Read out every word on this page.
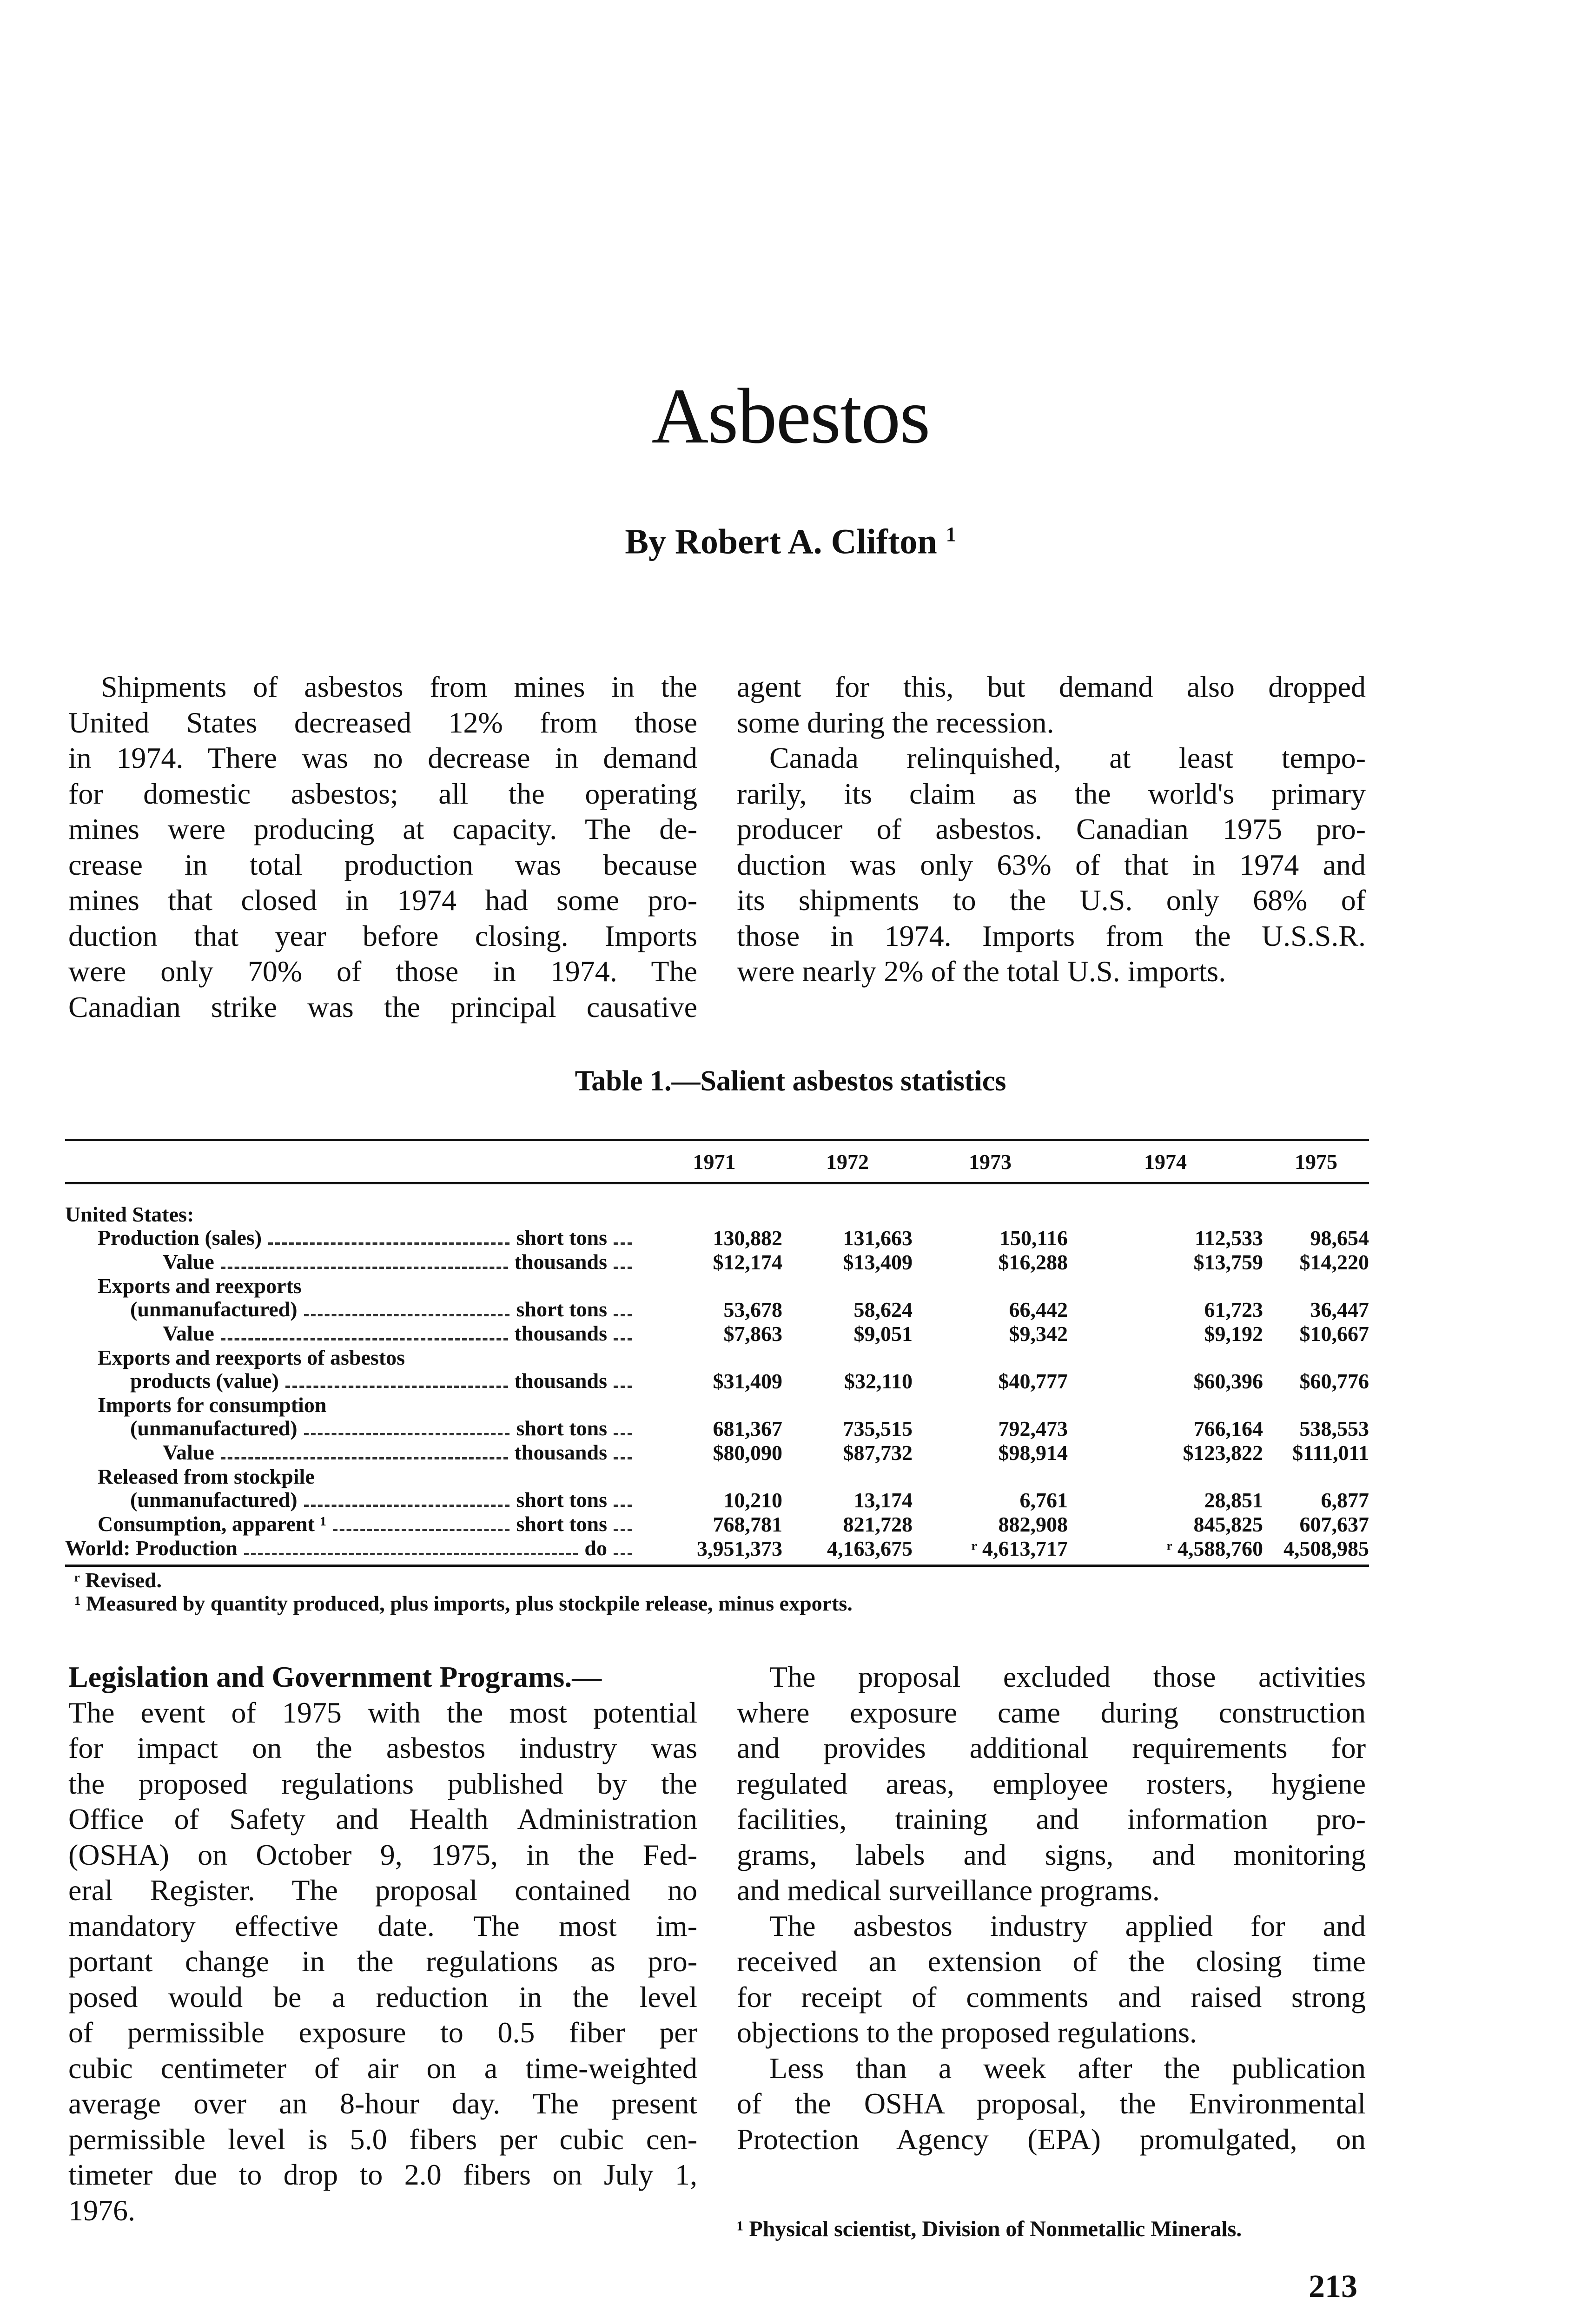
Asbestos
By Robert A. Clifton $^1$
Shipments of asbestos from mines in the
United States decreased 12% from those
in 1974. There was no decrease in demand
for domestic asbestos; all the operating
mines were producing at capacity. The de-
crease in total production was because
mines that closed in 1974 had some pro-
duction that year before closing. Imports
were only 70% of those in 1974. The
Canadian strike was the principal causative
agent for this, but demand also dropped
some during the recession.
Canada relinquished, at least tempo-
rarily, its claim as the world's primary
producer of asbestos. Canadian 1975 pro-
duction was only 63% of that in 1974 and
its shipments to the U.S. only 68% of
those in 1974. Imports from the U.S.S.R.
were nearly 2% of the total U.S. imports.
Table 1.—Salient asbestos statistics
	1971	1972	1973	1974	1975

United States:					

Production (sales) short tons	130,882	131,663	150,116	112,533	98,654

Value thousands	$12,174	$13,409	$16,288	$13,759	$14,220

Exports and reexports					

(unmanufactured) short tons	53,678	58,624	66,442	61,723	36,447

Value thousands	$7,863	$9,051	$9,342	$9,192	$10,667

Exports and reexports of asbestos					

products (value) thousands	$31,409	$32,110	$40,777	$60,396	$60,776

Imports for consumption					

(unmanufactured) short tons	681,367	735,515	792,473	766,164	538,553

Value thousands	$80,090	$87,732	$98,914	$123,822	$111,011

Released from stockpile					

(unmanufactured) short tons	10,210	13,174	6,761	28,851	6,877

Consumption, apparent ¹ short tons	768,781	821,728	882,908	845,825	607,637

World: Production do	3,951,373	4,163,675	ʳ 4,613,717	ʳ 4,588,760	4,508,985
ʳ Revised.
¹ Measured by quantity produced, plus imports, plus stockpile release, minus exports.
Legislation and Government Programs.—
The event of 1975 with the most potential
for impact on the asbestos industry was
the proposed regulations published by the
Office of Safety and Health Administration
(OSHA) on October 9, 1975, in the Fed-
eral Register. The proposal contained no
mandatory effective date. The most im-
portant change in the regulations as pro-
posed would be a reduction in the level
of permissible exposure to 0.5 fiber per
cubic centimeter of air on a time-weighted
average over an 8-hour day. The present
permissible level is 5.0 fibers per cubic cen-
timeter due to drop to 2.0 fibers on July 1,
1976.
The proposal excluded those activities
where exposure came during construction
and provides additional requirements for
regulated areas, employee rosters, hygiene
facilities, training and information pro-
grams, labels and signs, and monitoring
and medical surveillance programs.
The asbestos industry applied for and
received an extension of the closing time
for receipt of comments and raised strong
objections to the proposed regulations.
Less than a week after the publication
of the OSHA proposal, the Environmental
Protection Agency (EPA) promulgated, on
¹ Physical scientist, Division of Nonmetallic Minerals.
213
